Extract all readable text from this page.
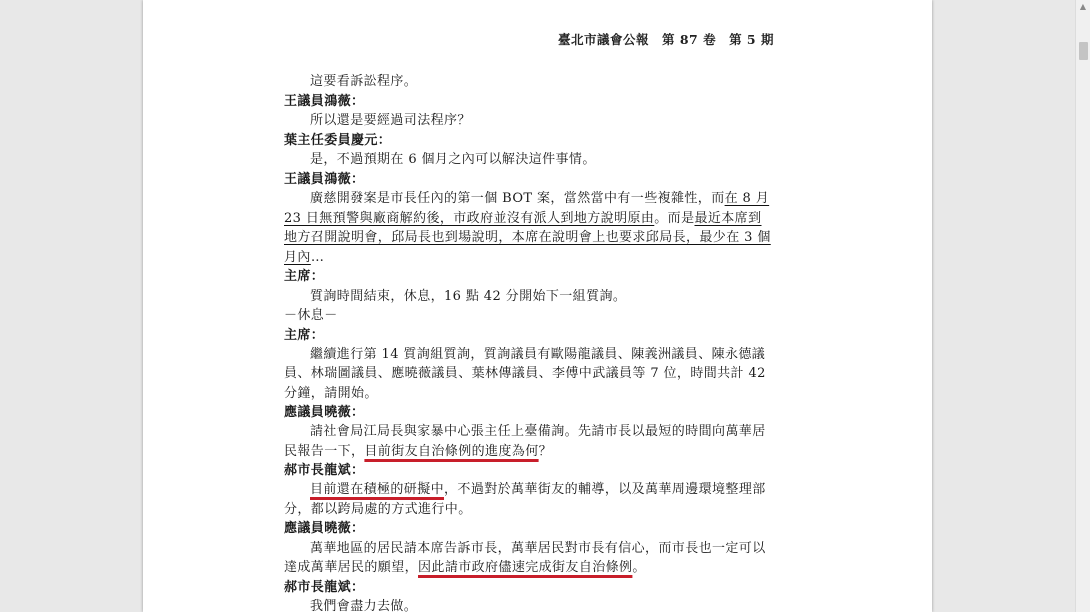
臺北市議會公報　第 87 卷　第 5 期
這要看訴訟程序。
王議員鴻薇：
所以還是要經過司法程序？
葉主任委員慶元：
是，不過預期在 6 個月之內可以解決這件事情。
王議員鴻薇：
廣慈開發案是市長任內的第一個 BOT 案，當然當中有一些複雜性，而在 8 月
23 日無預警與廠商解約後，市政府並沒有派人到地方說明原由。而是最近本席到
地方召開說明會，邱局長也到場說明，本席在說明會上也要求邱局長，最少在 3 個
月內…
主席：
質詢時間結束，休息，16 點 42 分開始下一組質詢。
－休息－
主席：
繼續進行第 14 質詢組質詢，質詢議員有歐陽龍議員、陳義洲議員、陳永德議
員、林瑞圖議員、應曉薇議員、葉林傳議員、李傅中武議員等 7 位，時間共計 42
分鐘，請開始。
應議員曉薇：
請社會局江局長與家暴中心張主任上臺備詢。先請市長以最短的時間向萬華居
民報告一下，目前街友自治條例的進度為何？
郝市長龍斌：
目前還在積極的研擬中，不過對於萬華街友的輔導，以及萬華周邊環境整理部
分，都以跨局處的方式進行中。
應議員曉薇：
萬華地區的居民請本席告訴市長，萬華居民對市長有信心，而市長也一定可以
達成萬華居民的願望，因此請市政府儘速完成街友自治條例。
郝市長龍斌：
我們會盡力去做。
▲
